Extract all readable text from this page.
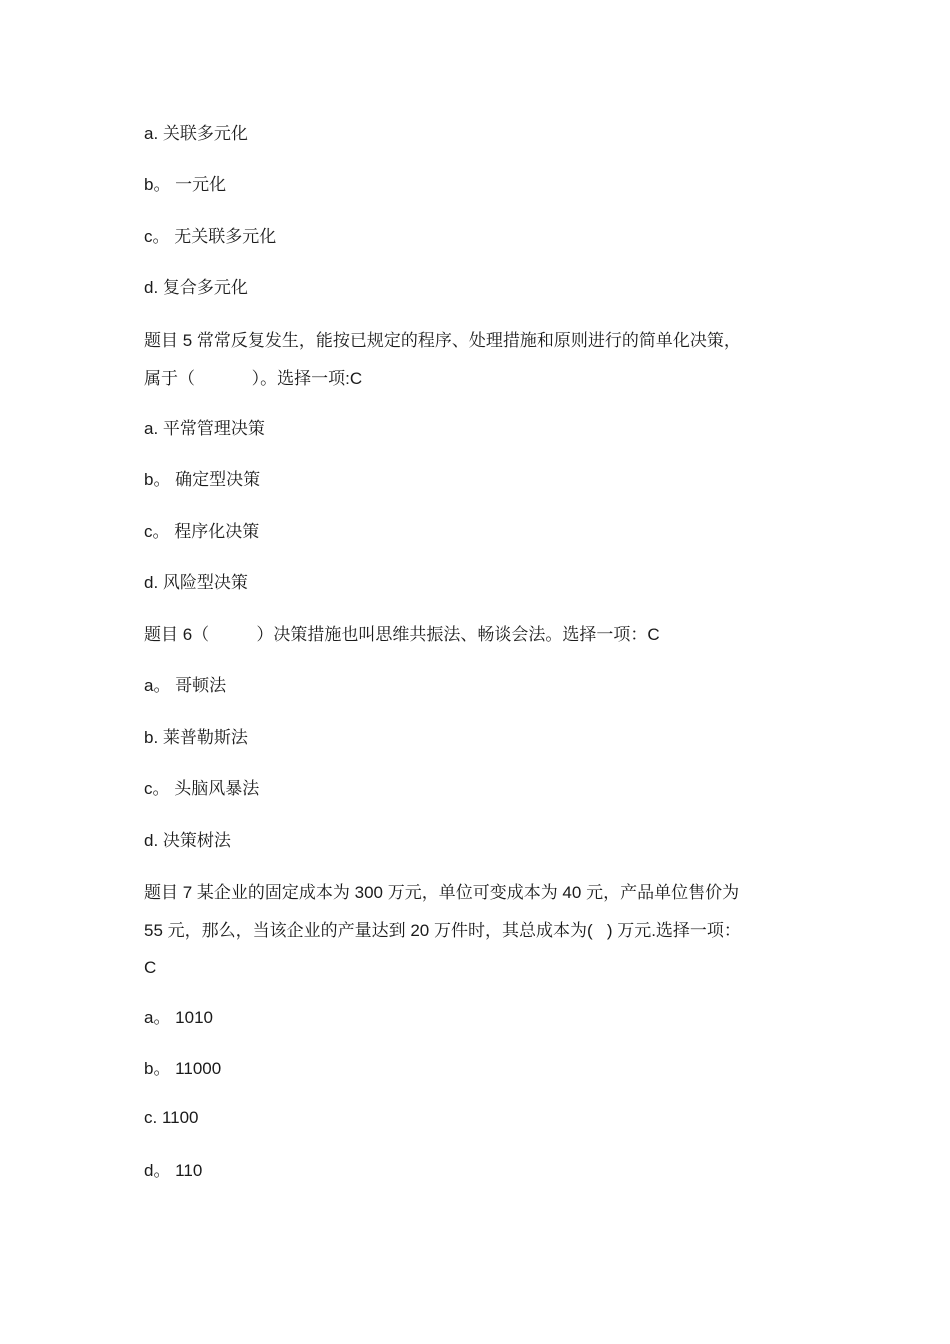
a. 关联多元化
b。 一元化
c。 无关联多元化
d. 复合多元化
题目 5 常常反复发生，能按已规定的程序、处理措施和原则进行的简单化决策，
属于（            ）。选择一项:C
a. 平常管理决策
b。 确定型决策
c。 程序化决策
d. 风险型决策
题目 6（          ）决策措施也叫思维共振法、畅谈会法。选择一项：C
a。 哥顿法
b. 莱普勒斯法
c。 头脑风暴法
d. 决策树法
题目 7 某企业的固定成本为 300 万元，单位可变成本为 40 元，产品单位售价为
55 元，那么，当该企业的产量达到 20 万件时，其总成本为(   ) 万元.选择一项：
C
a。 1010
b。 11000
c. 1100
d。 110
